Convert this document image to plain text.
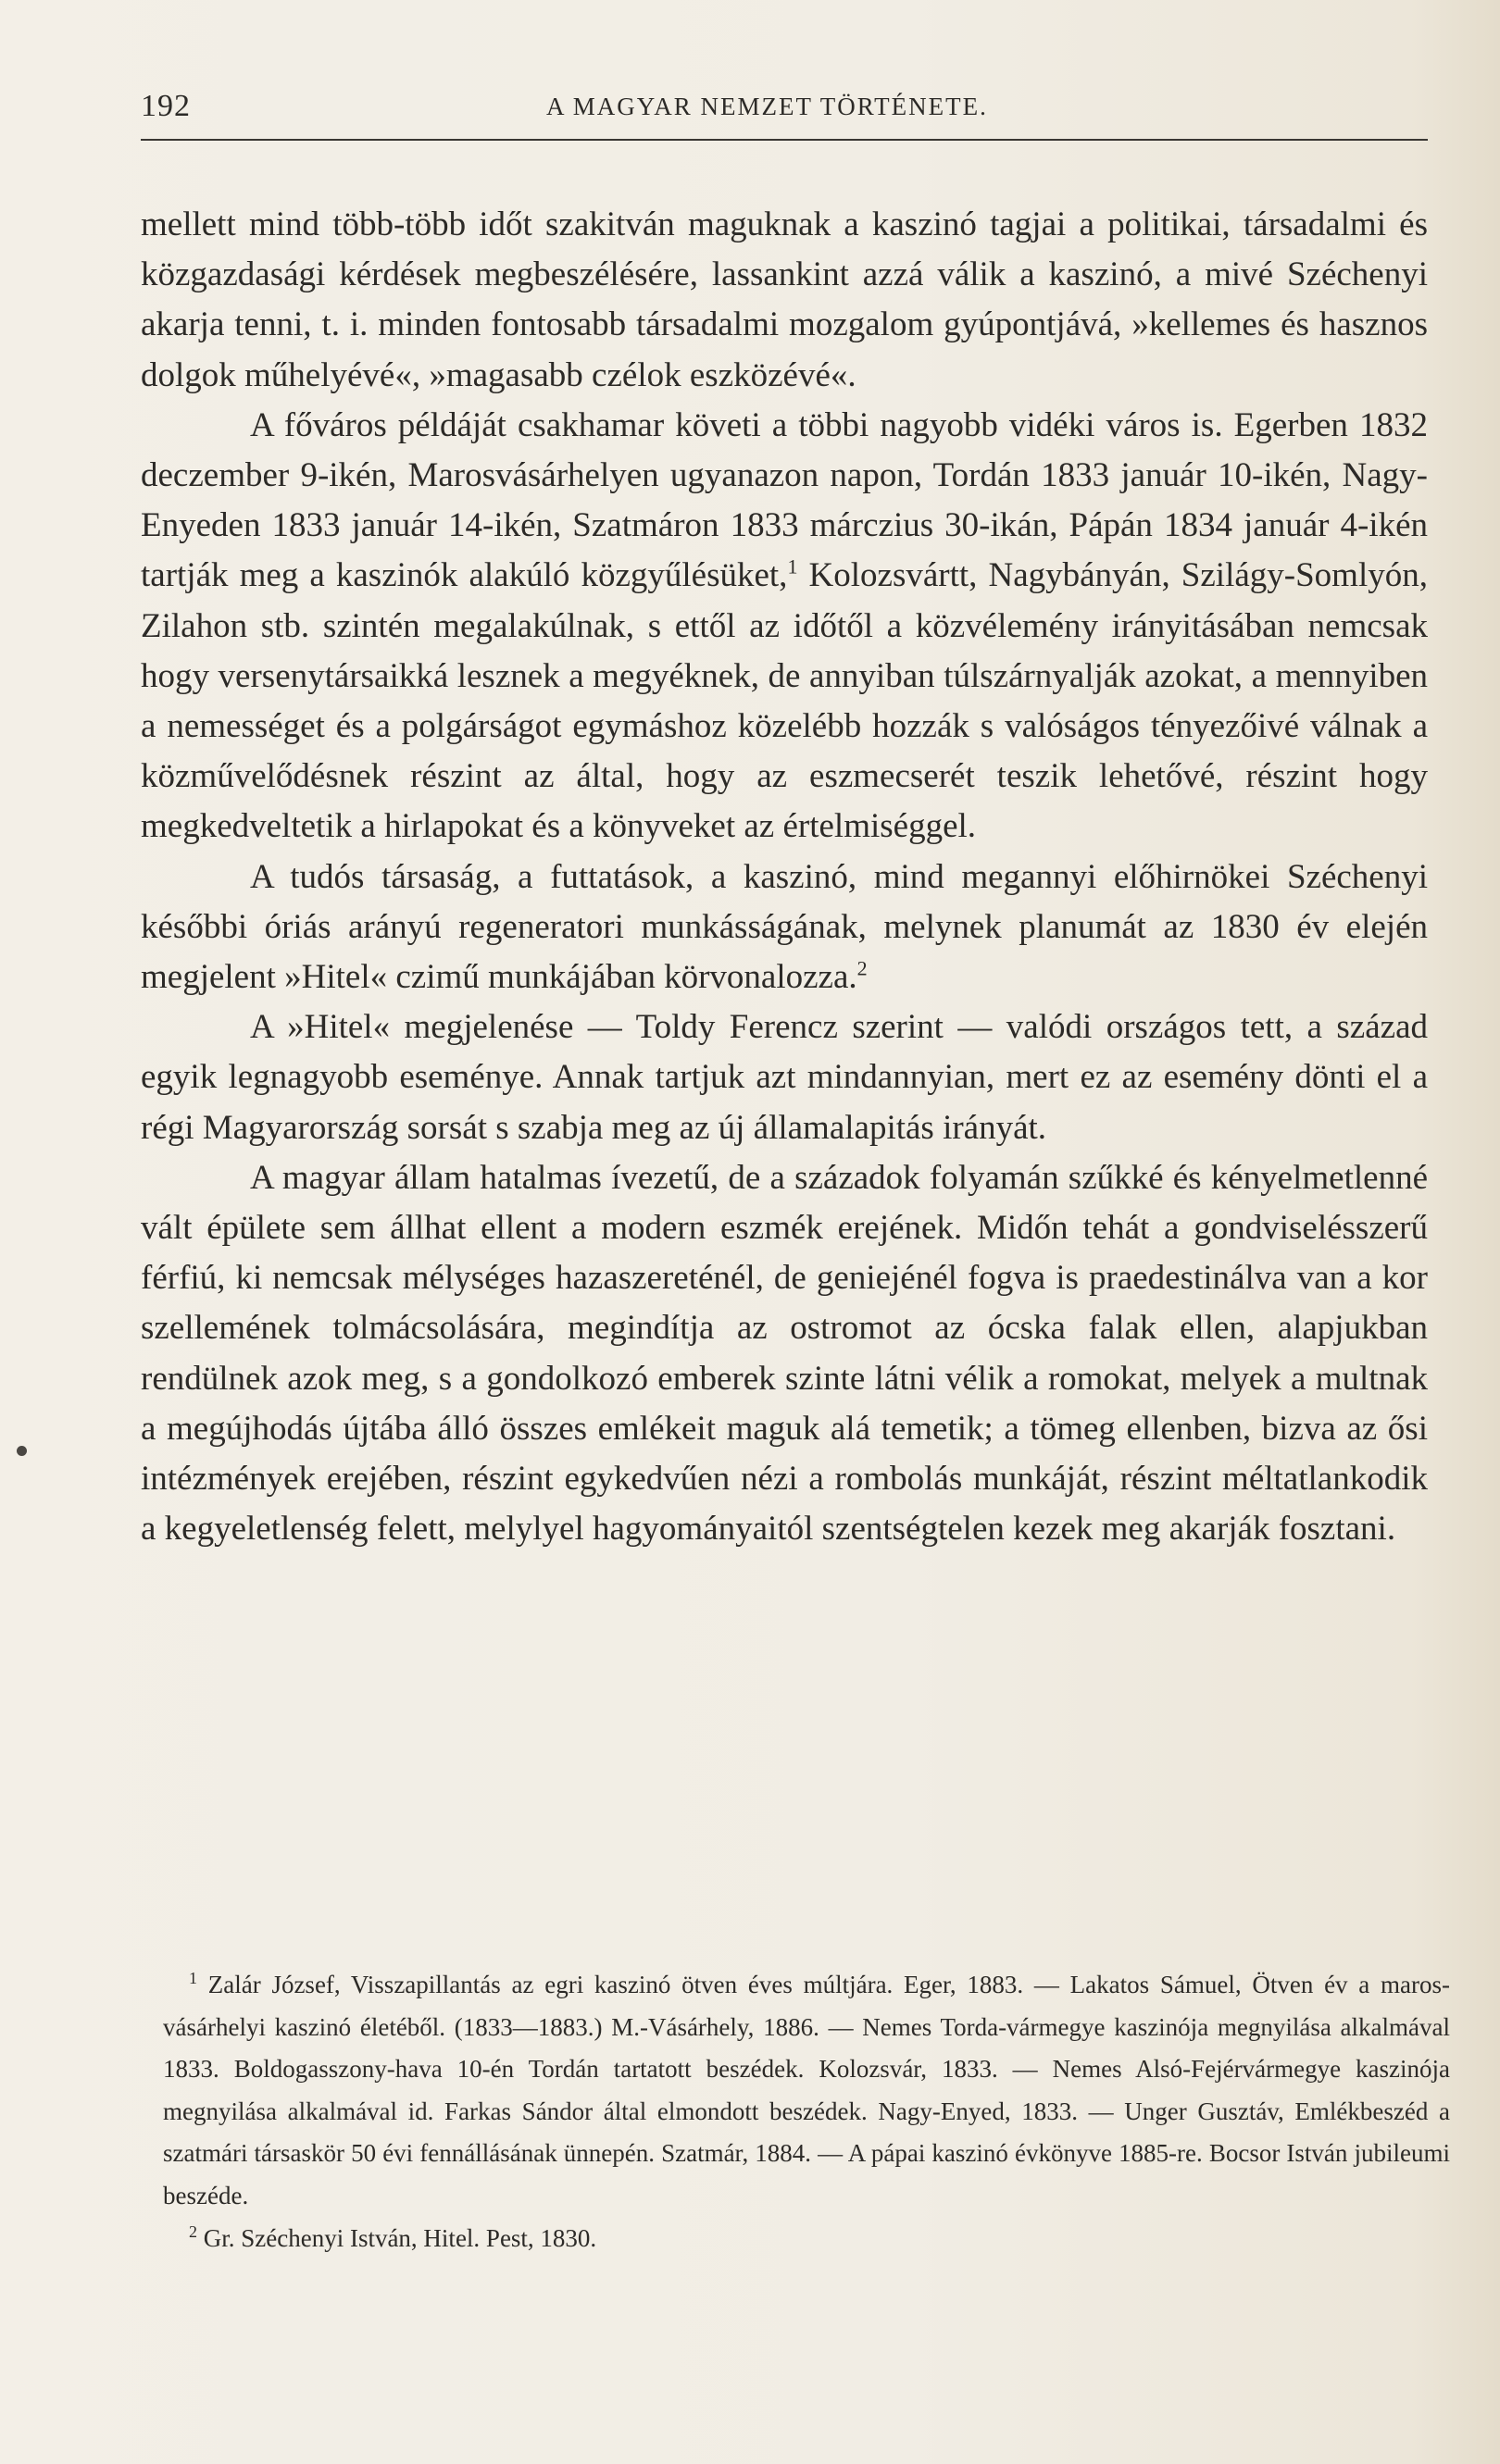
192	A MAGYAR NEMZET TÖRTÉNETE.

mellett mind több-több időt szakitván maguknak a kaszinó tagjai a politikai, társadalmi és közgazdasági kérdések megbeszélésére, lassankint azzá válik a kaszinó, a mivé Széchenyi akarja tenni, t. i. minden fontosabb társadalmi mozgalom gyúpontjává, »kellemes és hasznos dolgok műhelyévé«, »magasabb czélok eszközévé«.

A főváros példáját csakhamar követi a többi nagyobb vidéki város is. Egerben 1832 deczember 9-ikén, Marosvásárhelyen ugyanazon napon, Tordán 1833 január 10-ikén, Nagy-Enyeden 1833 január 14-ikén, Szatmáron 1833 márczius 30-ikán, Pápán 1834 január 4-ikén tartják meg a kaszinók alakúló közgyűlésüket,$^1$ Kolozsvártt, Nagybányán, Szilágy-Somlyón, Zilahon stb. szintén megalakúlnak, s ettől az időtől a közvélemény irányitásában nemcsak hogy versenytársaikká lesznek a megyéknek, de annyiban túlszárnyalják azokat, a mennyiben a nemességet és a polgárságot egymáshoz közelébb hozzák s valóságos tényezőivé válnak a közművelődésnek részint az által, hogy az eszmecserét teszik lehetővé, részint hogy megkedveltetik a hirlapokat és a könyveket az értelmiséggel.

A tudós társaság, a futtatások, a kaszinó, mind megannyi előhirnökei Széchenyi későbbi óriás arányú regeneratori munkásságának, melynek planumát az 1830 év elején megjelent »Hitel« czimű munkájában körvonalozza.$^2$

A »Hitel« megjelenése — Toldy Ferencz szerint — valódi országos tett, a század egyik legnagyobb eseménye. Annak tartjuk azt mindannyian, mert ez az esemény dönti el a régi Magyarország sorsát s szabja meg az új államalapitás irányát.

A magyar állam hatalmas ívezetű, de a századok folyamán szűkké és kényelmetlenné vált épülete sem állhat ellent a modern eszmék erejének. Midőn tehát a gondviselésszerű férfiú, ki nemcsak mélységes hazaszereténél, de geniejénél fogva is praedestinálva van a kor szellemének tolmácsolására, megindítja az ostromot az ócska falak ellen, alapjukban rendülnek azok meg, s a gondolkozó emberek szinte látni vélik a romokat, melyek a multnak a megújhodás újtába álló összes emlékeit maguk alá temetik; a tömeg ellenben, bizva az ősi intézmények erejében, részint egykedvűen nézi a rombolás munkáját, részint méltatlankodik a kegyeletlenség felett, melylyel hagyományaitól szentségtelen kezek meg akarják fosztani.

$^1$ Zalár József, Visszapillantás az egri kaszinó ötven éves múltjára. Eger, 1883. — Lakatos Sámuel, Ötven év a maros-vásárhelyi kaszinó életéből. (1833—1883.) M.-Vásárhely, 1886. — Nemes Torda-vármegye kaszinója megnyilása alkalmával 1833. Boldogasszony-hava 10-én Tordán tartatott beszédek. Kolozsvár, 1833. — Nemes Alsó-Fejérvármegye kaszinója megnyilása alkalmával id. Farkas Sándor által elmondott beszédek. Nagy-Enyed, 1833. — Unger Gusztáv, Emlékbeszéd a szatmári társaskör 50 évi fennállásának ünnepén. Szatmár, 1884. — A pápai kaszinó évkönyve 1885-re. Bocsor István jubileumi beszéde.

$^2$ Gr. Széchenyi István, Hitel. Pest, 1830.
